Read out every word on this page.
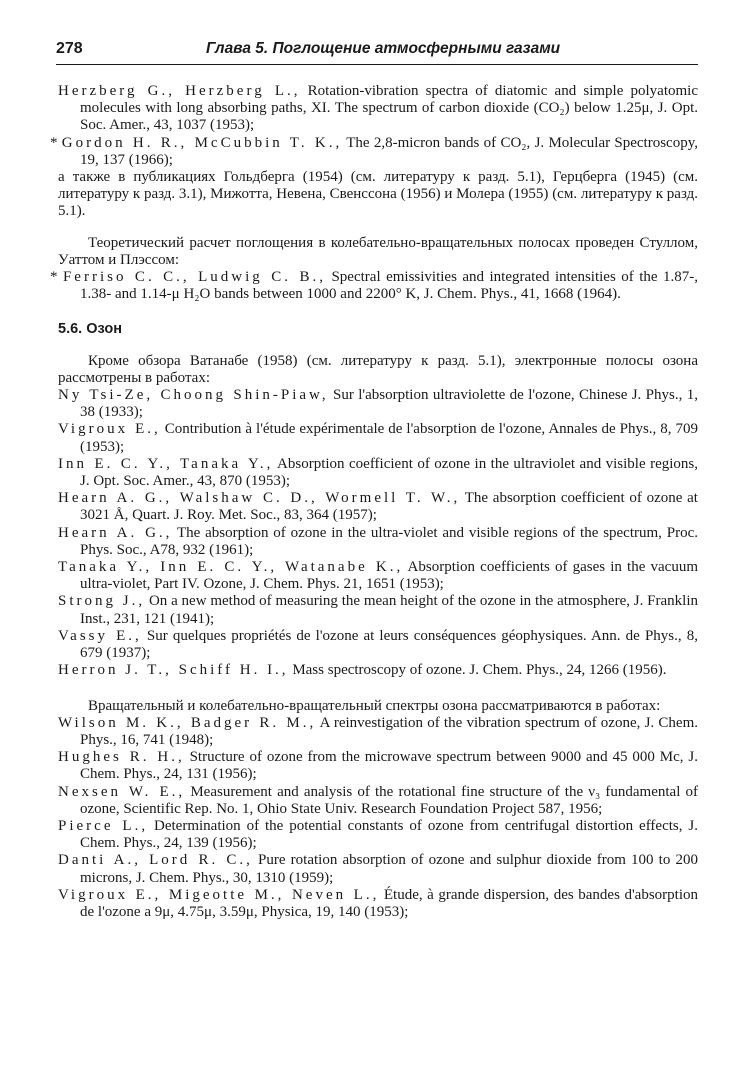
278	Глава 5. Поглощение атмосферными газами

Herzberg G., Herzberg L., Rotation-vibration spectra of diatomic and simple polyatomic molecules with long absorbing paths, XI. The spectrum of carbon dioxide (CO₂) below 1.25μ, J. Opt. Soc. Amer., 43, 1037 (1953);

* Gordon H. R., McCubbin T. K., The 2,8-micron bands of CO₂, J. Molecular Spectroscopy, 19, 137 (1966);

а также в публикациях Гольдберга (1954) (см. литературу к разд. 5.1), Герцберга (1945) (см. литературу к разд. 3.1), Мижотта, Невена, Свенссона (1956) и Молера (1955) (см. литературу к разд. 5.1).

Теоретический расчет поглощения в колебательно-вращательных полосах проведен Стуллом, Уаттом и Плэссом:

* Ferriso C. C., Ludwig C. B., Spectral emissivities and integrated intensities of the 1.87-, 1.38- and 1.14-μ H₂O bands between 1000 and 2200° K, J. Chem. Phys., 41, 1668 (1964).

5.6. Озон

Кроме обзора Ватанабе (1958) (см. литературу к разд. 5.1), электронные полосы озона рассмотрены в работах:

Ny Tsi-Ze, Choong Shin-Piaw, Sur l'absorption ultraviolette de l'ozone, Chinese J. Phys., 1, 38 (1933);

Vigroux E., Contribution à l'étude expérimentale de l'absorption de l'ozone, Annales de Phys., 8, 709 (1953);

Inn E. C. Y., Tanaka Y., Absorption coefficient of ozone in the ultraviolet and visible regions, J. Opt. Soc. Amer., 43, 870 (1953);

Hearn A. G., Walshaw C. D., Wormell T. W., The absorption coefficient of ozone at 3021 Å, Quart. J. Roy. Met. Soc., 83, 364 (1957);

Hearn A. G., The absorption of ozone in the ultra-violet and visible regions of the spectrum, Proc. Phys. Soc., A78, 932 (1961);

Tanaka Y., Inn E. C. Y., Watanabe K., Absorption coefficients of gases in the vacuum ultra-violet, Part IV. Ozone, J. Chem. Phys. 21, 1651 (1953);

Strong J., On a new method of measuring the mean height of the ozone in the atmosphere, J. Franklin Inst., 231, 121 (1941);

Vassy E., Sur quelques propriétés de l'ozone at leurs conséquences géophysiques. Ann. de Phys., 8, 679 (1937);

Herron J. T., Schiff H. I., Mass spectroscopy of ozone. J. Chem. Phys., 24, 1266 (1956).

Вращательный и колебательно-вращательный спектры озона рассматриваются в работах:

Wilson M. K., Badger R. M., A reinvestigation of the vibration spectrum of ozone, J. Chem. Phys., 16, 741 (1948);

Hughes R. H., Structure of ozone from the microwave spectrum between 9000 and 45 000 Mc, J. Chem. Phys., 24, 131 (1956);

Nexsen W. E., Measurement and analysis of the rotational fine structure of the ν₃ fundamental of ozone, Scientific Rep. No. 1, Ohio State Univ. Research Foundation Project 587, 1956;

Pierce L., Determination of the potential constants of ozone from centrifugal distortion effects, J. Chem. Phys., 24, 139 (1956);

Danti A., Lord R. C., Pure rotation absorption of ozone and sulphur dioxide from 100 to 200 microns, J. Chem. Phys., 30, 1310 (1959);

Vigroux E., Migeotte M., Neven L., Étude, à grande dispersion, des bandes d'absorption de l'ozone a 9μ, 4.75μ, 3.59μ, Physica, 19, 140 (1953);
